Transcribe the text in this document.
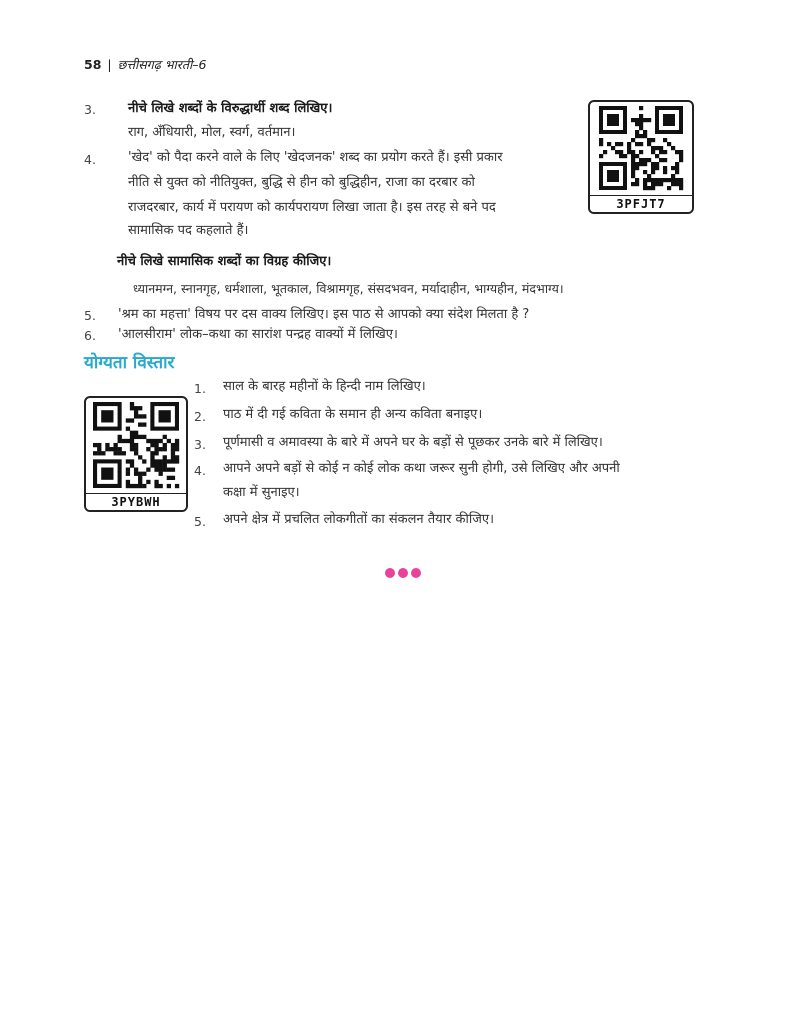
58 | छत्तीसगढ़ भारती–6
3. नीचे लिखे शब्दों के विरुद्धार्थी शब्द लिखिए।
राग, अँधियारी, मोल, स्वर्ग, वर्तमान।
4. 'खेद' को पैदा करने वाले के लिए 'खेदजनक' शब्द का प्रयोग करते हैं। इसी प्रकार
नीति से युक्त को नीतियुक्त, बुद्धि से हीन को बुद्धिहीन, राजा का दरबार को
राजदरबार, कार्य में परायण को कार्यपरायण लिखा जाता है। इस तरह से बने पद
सामासिक पद कहलाते हैं।
नीचे लिखे सामासिक शब्दों का विग्रह कीजिए।
ध्यानमग्न, स्नानगृह, धर्मशाला, भूतकाल, विश्रामगृह, संसदभवन, मर्यादाहीन, भाग्यहीन, मंदभाग्य।
5. 'श्रम का महत्ता' विषय पर दस वाक्य लिखिए। इस पाठ से आपको क्या संदेश मिलता है ?
6. 'आलसीराम' लोक–कथा का सारांश पन्द्रह वाक्यों में लिखिए।
3PFJT7
योग्यता विस्तार
3PYBWH
1. साल के बारह महीनों के हिन्दी नाम लिखिए।
2. पाठ में दी गई कविता के समान ही अन्य कविता बनाइए।
3. पूर्णमासी व अमावस्या के बारे में अपने घर के बड़ों से पूछकर उनके बारे में लिखिए।
4. आपने अपने बड़ों से कोई न कोई लोक कथा जरूर सुनी होगी, उसे लिखिए और अपनी
कक्षा में सुनाइए।
5. अपने क्षेत्र में प्रचलित लोकगीतों का संकलन तैयार कीजिए।
